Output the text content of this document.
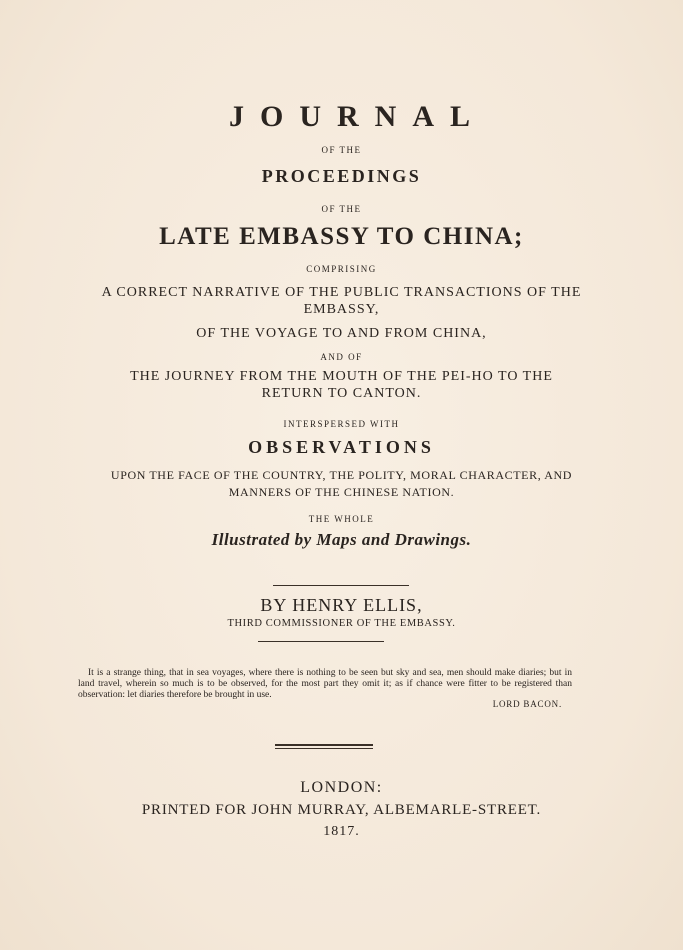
JOURNAL
OF THE
PROCEEDINGS
OF THE
LATE EMBASSY TO CHINA;
COMPRISING
A CORRECT NARRATIVE OF THE PUBLIC TRANSACTIONS OF THE
EMBASSY,
OF THE VOYAGE TO AND FROM CHINA,
AND OF
THE JOURNEY FROM THE MOUTH OF THE PEI-HO TO THE
RETURN TO CANTON.
INTERSPERSED WITH
OBSERVATIONS
UPON THE FACE OF THE COUNTRY, THE POLITY, MORAL CHARACTER, AND
MANNERS OF THE CHINESE NATION.
THE WHOLE
Illustrated by Maps and Drawings.
BY HENRY ELLIS,
THIRD COMMISSIONER OF THE EMBASSY.
It is a strange thing, that in sea voyages, where there is nothing to be seen but sky and sea, men should make diaries; but in land travel, wherein so much is to be observed, for the most part they omit it; as if chance were fitter to be registered than observation: let diaries therefore be brought in use.
LORD BACON.
LONDON:
PRINTED FOR JOHN MURRAY, ALBEMARLE-STREET.
1817.
